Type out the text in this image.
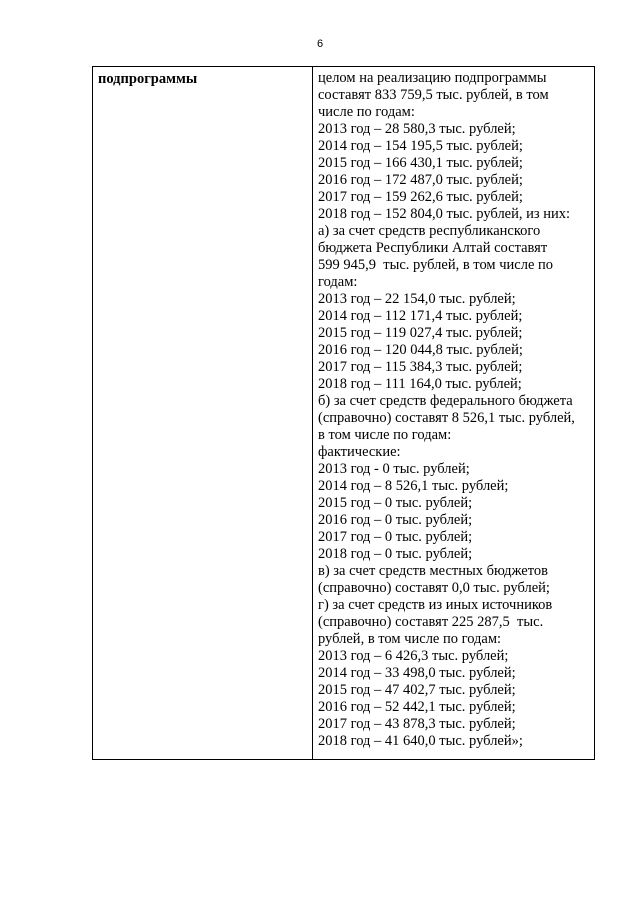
6
подпрограммы	целом на реализацию подпрограммы
составят 833 759,5 тыс. рублей, в том
числе по годам:
2013 год – 28 580,3 тыс. рублей;
2014 год – 154 195,5 тыс. рублей;
2015 год – 166 430,1 тыс. рублей;
2016 год – 172 487,0 тыс. рублей;
2017 год – 159 262,6 тыс. рублей;
2018 год – 152 804,0 тыс. рублей, из них:
а) за счет средств республиканского
бюджета Республики Алтай составят
599 945,9  тыс. рублей, в том числе по
годам:
2013 год – 22 154,0 тыс. рублей;
2014 год – 112 171,4 тыс. рублей;
2015 год – 119 027,4 тыс. рублей;
2016 год – 120 044,8 тыс. рублей;
2017 год – 115 384,3 тыс. рублей;
2018 год – 111 164,0 тыс. рублей;
б) за счет средств федерального бюджета
(справочно) составят 8 526,1 тыс. рублей,
в том числе по годам:
фактические:
2013 год - 0 тыс. рублей;
2014 год – 8 526,1 тыс. рублей;
2015 год – 0 тыс. рублей;
2016 год – 0 тыс. рублей;
2017 год – 0 тыс. рублей;
2018 год – 0 тыс. рублей;
в) за счет средств местных бюджетов
(справочно) составят 0,0 тыс. рублей;
г) за счет средств из иных источников
(справочно) составят 225 287,5  тыс.
рублей, в том числе по годам:
2013 год – 6 426,3 тыс. рублей;
2014 год – 33 498,0 тыс. рублей;
2015 год – 47 402,7 тыс. рублей;
2016 год – 52 442,1 тыс. рублей;
2017 год – 43 878,3 тыс. рублей;
2018 год – 41 640,0 тыс. рублей»;
